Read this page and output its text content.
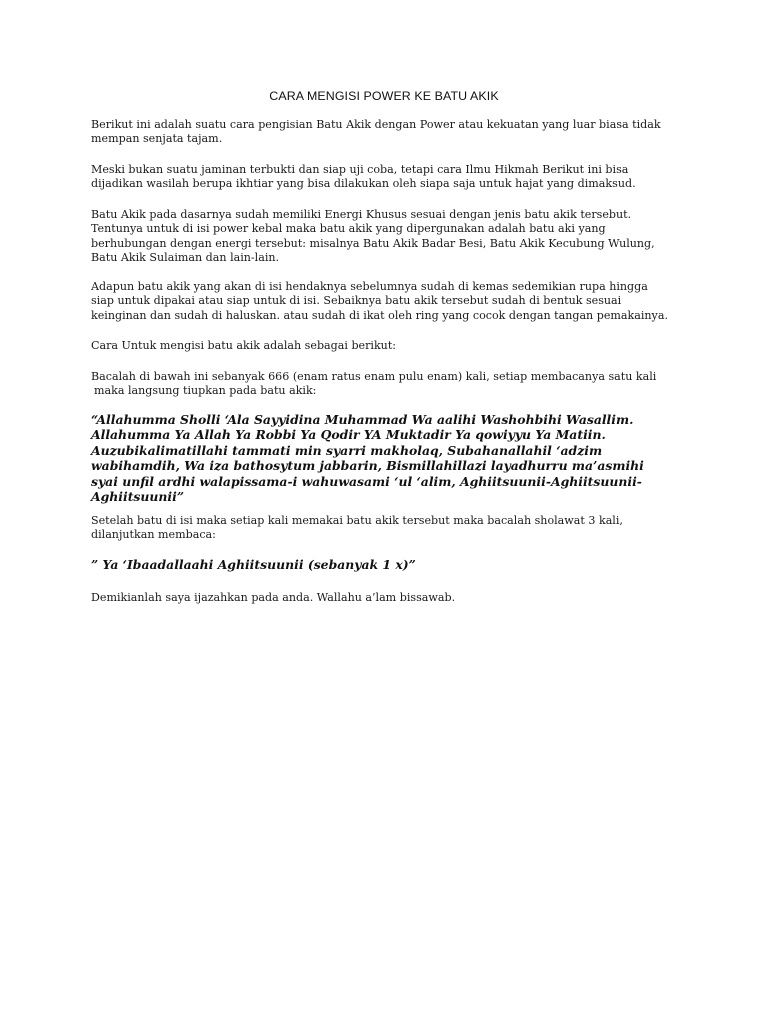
CARA MENGISI POWER KE BATU AKIK

Berikut ini adalah suatu cara pengisian Batu Akik dengan Power atau kekuatan yang luar biasa tidak
mempan senjata tajam.

Meski bukan suatu jaminan terbukti dan siap uji coba, tetapi cara Ilmu Hikmah Berikut ini bisa
dijadikan wasilah berupa ikhtiar yang bisa dilakukan oleh siapa saja untuk hajat yang dimaksud.

Batu Akik pada dasarnya sudah memiliki Energi Khusus sesuai dengan jenis batu akik tersebut.
Tentunya untuk di isi power kebal maka batu akik yang dipergunakan adalah batu aki yang
berhubungan dengan energi tersebut: misalnya Batu Akik Badar Besi, Batu Akik Kecubung Wulung,
Batu Akik Sulaiman dan lain-lain.

Adapun batu akik yang akan di isi hendaknya sebelumnya sudah di kemas sedemikian rupa hingga
siap untuk dipakai atau siap untuk di isi. Sebaiknya batu akik tersebut sudah di bentuk sesuai
keinginan dan sudah di haluskan. atau sudah di ikat oleh ring yang cocok dengan tangan pemakainya.

Cara Untuk mengisi batu akik adalah sebagai berikut:

Bacalah di bawah ini sebanyak 666 (enam ratus enam pulu enam) kali, setiap membacanya satu kali
maka langsung tiupkan pada batu akik:

“Allahumma Sholli ‘Ala Sayyidina Muhammad Wa aalihi Washohbihi Wasallim.
Allahumma Ya Allah Ya Robbi Ya Qodir YA Muktadir Ya qowiyyu Ya Matiin.
Auzubikalimatillahi tammati min syarri makholaq, Subahanallahil ‘adzim
wabihamdih, Wa iza bathosytum jabbarin, Bismillahillazi layadhurru ma’asmihi
syai unfil ardhi walapissama-i wahuwasami ‘ul ‘alim, Aghiitsuunii-Aghiitsuunii-
Aghiitsuunii”

Setelah batu di isi maka setiap kali memakai batu akik tersebut maka bacalah sholawat 3 kali,
dilanjutkan membaca:

” Ya ‘Ibaadallaahi Aghiitsuunii (sebanyak 1 x)”

Demikianlah saya ijazahkan pada anda. Wallahu a’lam bissawab.
